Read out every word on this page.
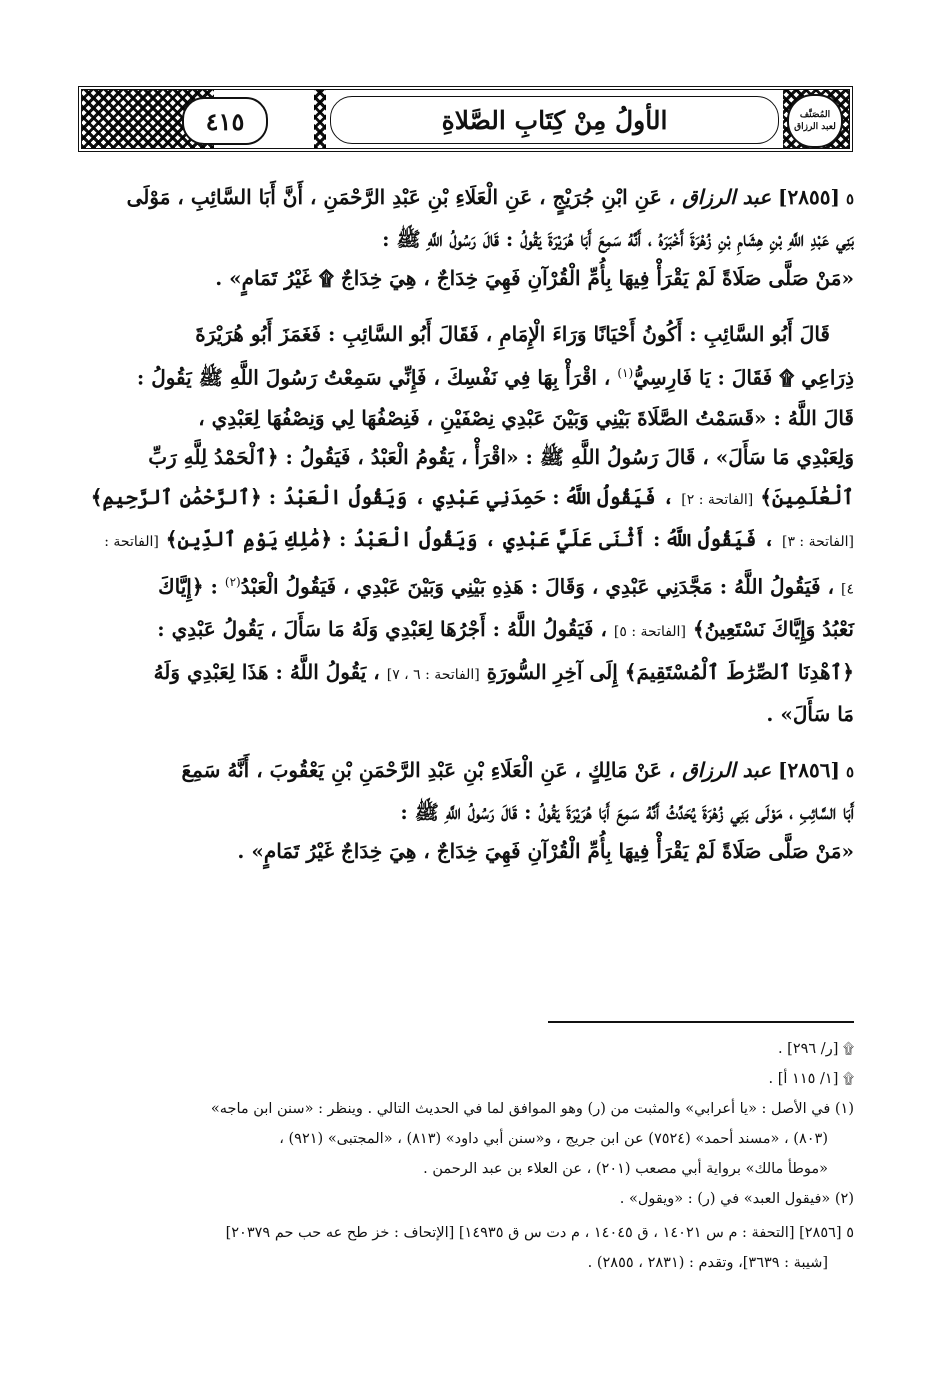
٤١٥	الأولُ مِنْ كِتَابِ الصَّلاةِ	المُصَنَّف
لعبد الرزاق

٥[٢٨٥٥] عبد الرزاق ، عَنِ ابْنِ جُرَيْجٍ ، عَنِ الْعَلَاءِ بْنِ عَبْدِ الرَّحْمَنِ ، أَنَّ أَبَا السَّائِبِ ، مَوْلَى

بَنِي عَبْدِ اللَّهِ بْنِ هِشَامِ بْنِ زُهْرَةَ أَخْبَرَهُ ، أَنَّهُ سَمِعَ أَبَا هُرَيْرَةَ يَقُولُ : قَالَ رَسُولُ اللَّهِ ﷺ :

«مَنْ صَلَّى صَلَاةً لَمْ يَقْرَأْ فِيهَا بِأُمِّ الْقُرْآنِ فَهِيَ خِدَاجٌ ، هِيَ خِدَاجٌ ۩ غَيْرُ تَمَامٍ» .

قَالَ أَبُو السَّائِبِ : أَكُونُ أَحْيَانًا وَرَاءَ الْإِمَامِ ، فَقَالَ أَبُو السَّائِبِ : فَغَمَزَ أَبُو هُرَيْرَةَ

ذِرَاعِي ۩ فَقَالَ : يَا فَارِسِيُّ$^{(١)}$ ، اقْرَأْ بِهَا فِي نَفْسِكَ ، فَإِنِّي سَمِعْتُ رَسُولَ اللَّهِ ﷺ يَقُولُ :

قَالَ اللَّهُ : «قَسَمْتُ الصَّلَاةَ بَيْنِي وَبَيْنَ عَبْدِي نِصْفَيْنِ ، فَنِصْفُهَا لِي وَنِصْفُهَا لِعَبْدِي ،

وَلِعَبْدِي مَا سَأَلَ» ، قَالَ رَسُولُ اللَّهِ ﷺ : «اقْرَأْ ، يَقُومُ الْعَبْدُ ، فَيَقُولُ : ﴿ٱلْحَمْدُ لِلَّهِ رَبِّ

ٱلْعَٰلَمِينَ﴾ [الفاتحة : ٢] ، فَيَقُولُ اللَّهُ : حَمِدَنِي عَبْدِي ، وَيَقُولُ الْعَبْدُ : ﴿ٱلرَّحْمَٰنِ ٱلرَّحِيمِ﴾

[الفاتحة : ٣] ، فَيَقُولُ اللَّهُ : أَثْنَى عَلَيَّ عَبْدِي ، وَيَقُولُ الْعَبْدُ : ﴿مَٰلِكِ يَوْمِ ٱلدِّينِ﴾ [الفاتحة :

٤] ، فَيَقُولُ اللَّهُ : مَجَّدَنِي عَبْدِي ، وَقَالَ : هَذِهِ بَيْنِي وَبَيْنَ عَبْدِي ، فَيَقُولُ الْعَبْدُ$^{(٢)}$ : ﴿إِيَّاكَ

نَعْبُدُ وَإِيَّاكَ نَسْتَعِينُ﴾ [الفاتحة : ٥] ، فَيَقُولُ اللَّهُ : أَجْرُهَا لِعَبْدِي وَلَهُ مَا سَأَلَ ، يَقُولُ عَبْدِي :

﴿ٱهْدِنَا ٱلصِّرَٰطَ ٱلْمُسْتَقِيمَ﴾ إِلَى آخِرِ السُّورَةِ [الفاتحة : ٦ ، ٧] ، يَقُولُ اللَّهُ : هَذَا لِعَبْدِي وَلَهُ

مَا سَأَلَ» .

٥[٢٨٥٦] عبد الرزاق ، عَنْ مَالِكٍ ، عَنِ الْعَلَاءِ بْنِ عَبْدِ الرَّحْمَنِ بْنِ يَعْقُوبَ ، أَنَّهُ سَمِعَ

أَبَا السَّائِبِ ، مَوْلَى بَنِي زُهْرَةَ يُحَدِّثُ أَنَّهُ سَمِعَ أَبَا هُرَيْرَةَ يَقُولُ : قَالَ رَسُولُ اللَّهِ ﷺ :

«مَنْ صَلَّى صَلَاةً لَمْ يَقْرَأْ فِيهَا بِأُمِّ الْقُرْآنِ فَهِيَ خِدَاجٌ ، هِيَ خِدَاجٌ غَيْرُ تَمَامٍ» .

۩ [ر/ ٢٩٦] .

۩ [١/ ١١٥ أ] .

(١) في الأصل : «يا أعرابي» والمثبت من (ر) وهو الموافق لما في الحديث التالي . وينظر : «سنن ابن ماجه»

(٨٠٣) ، «مسند أحمد» (٧٥٢٤) عن ابن جريج ، و«سنن أبي داود» (٨١٣) ، «المجتبى» (٩٢١) ،

«موطأ مالك» برواية أبي مصعب (٢٠١) ، عن العلاء بن عبد الرحمن .

(٢) «فيقول العبد» في (ر) : «ويقول» .

٥ [٢٨٥٦] [التحفة : م س ١٤٠٢١ ، ق ١٤٠٤٥ ، م دت س ق ١٤٩٣٥] [الإتحاف : خز طح عه حب حم ٢٠٣٧٩]

[شيبة : ٣٦٣٩]، وتقدم : (٢٨٣١ ، ٢٨٥٥) .
